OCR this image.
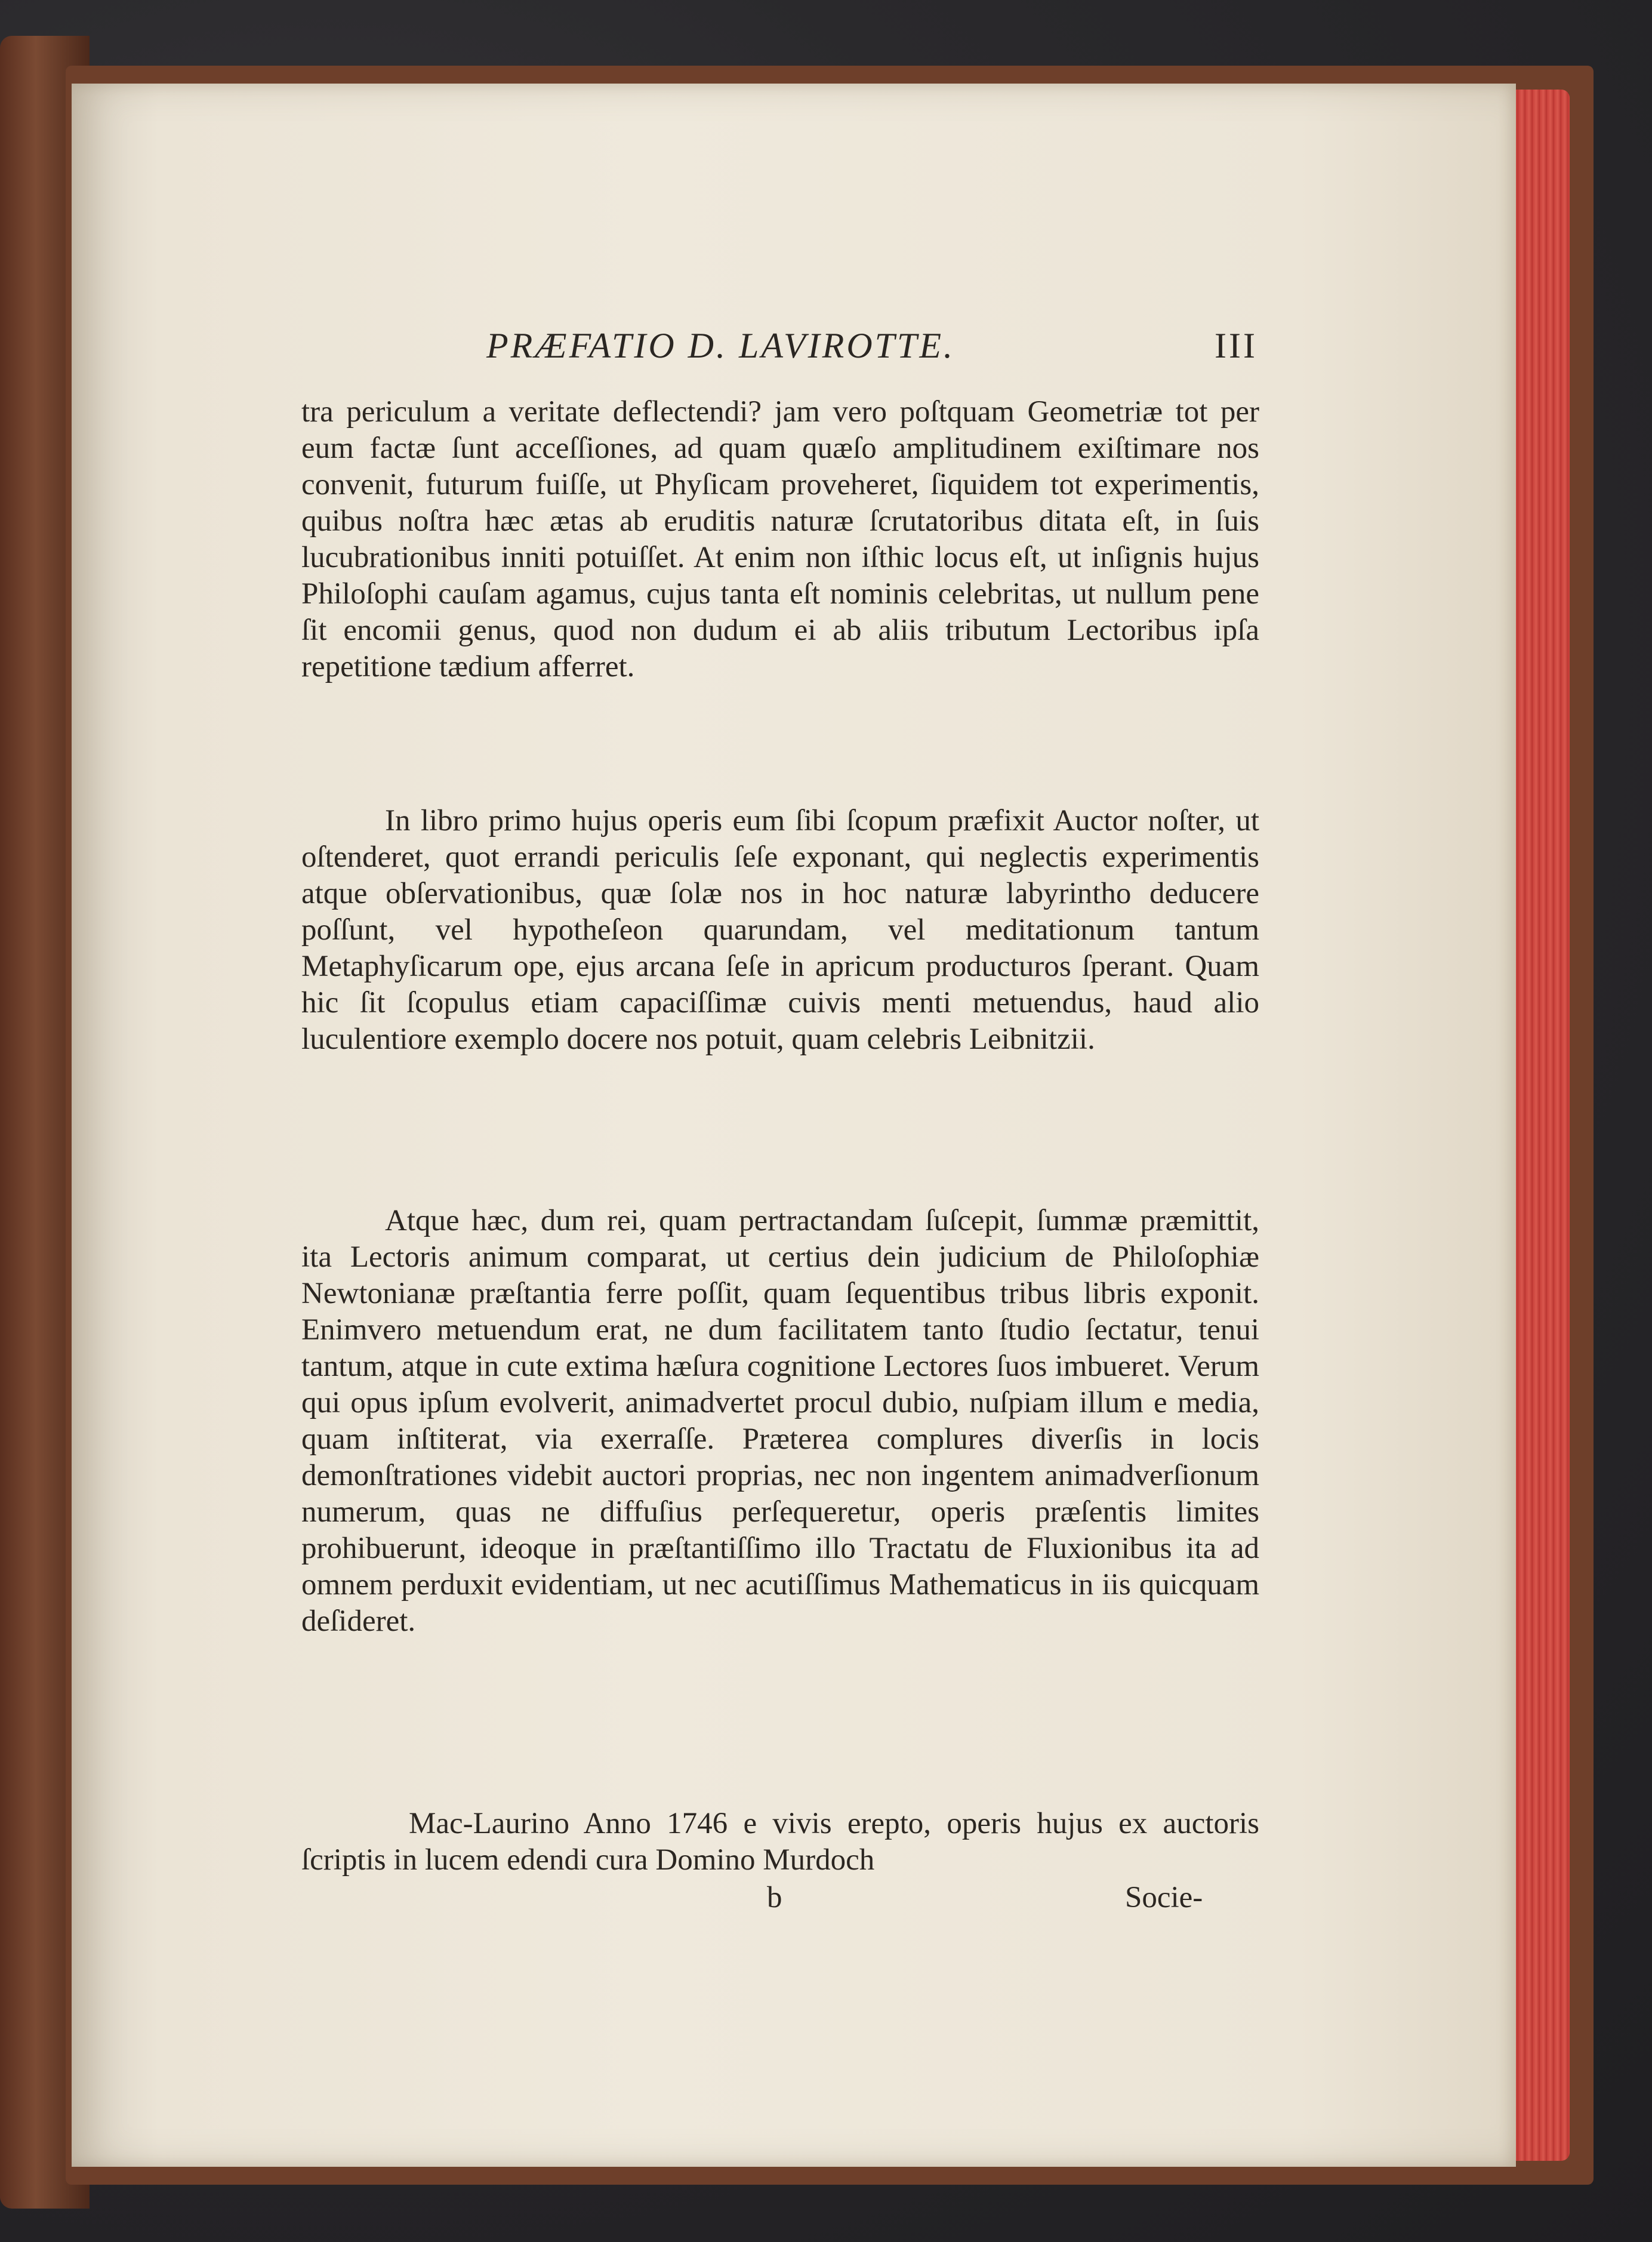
PRÆFATIO D. LAVIROTTE.	III

tra periculum a veritate deflectendi? jam vero poſtquam Geometriæ tot per eum factæ ſunt acceſſiones, ad quam quæſo amplitudinem exiſtimare nos convenit, futurum fuiſſe, ut Phyſicam proveheret, ſiquidem tot experimentis, quibus noſtra hæc ætas ab eruditis naturæ ſcrutatoribus ditata eſt, in ſuis lucubrationibus inniti potuiſſet. At enim non iſthic locus eſt, ut inſignis hujus Philoſophi cauſam agamus, cujus tanta eſt nominis celebritas, ut nullum pene ſit encomii genus, quod non dudum ei ab aliis tributum Lectoribus ipſa repetitione tædium afferret.

In libro primo hujus operis eum ſibi ſcopum præfixit Auctor noſter, ut oſtenderet, quot errandi periculis ſeſe exponant, qui neglectis experimentis atque obſervationibus, quæ ſolæ nos in hoc naturæ labyrintho deducere poſſunt, vel hypotheſeon quarundam, vel meditationum tantum Metaphyſicarum ope, ejus arcana ſeſe in apricum producturos ſperant. Quam hic ſit ſcopulus etiam capaciſſimæ cuivis menti metuendus, haud alio luculentiore exemplo docere nos potuit, quam celebris Leibnitzii.

Atque hæc, dum rei, quam pertractandam ſuſcepit, ſummæ præmittit, ita Lectoris animum comparat, ut certius dein judicium de Philoſophiæ Newtonianæ præſtantia ferre poſſit, quam ſequentibus tribus libris exponit. Enimvero metuendum erat, ne dum facilitatem tanto ſtudio ſectatur, tenui tantum, atque in cute extima hæſura cognitione Lectores ſuos imbueret. Verum qui opus ipſum evolverit, animadvertet procul dubio, nuſpiam illum e media, quam inſtiterat, via exerraſſe. Præterea complures diverſis in locis demonſtrationes videbit auctori proprias, nec non ingentem animadverſionum numerum, quas ne diffuſius perſequeretur, operis præſentis limites prohibuerunt, ideoque in præſtantiſſimo illo Tractatu de Fluxionibus ita ad omnem perduxit evidentiam, ut nec acutiſſimus Mathematicus in iis quicquam deſideret.

Mac-Laurino Anno 1746 e vivis erepto, operis hujus ex auctoris ſcriptis in lucem edendi cura Domino Murdoch

b	Socie-
